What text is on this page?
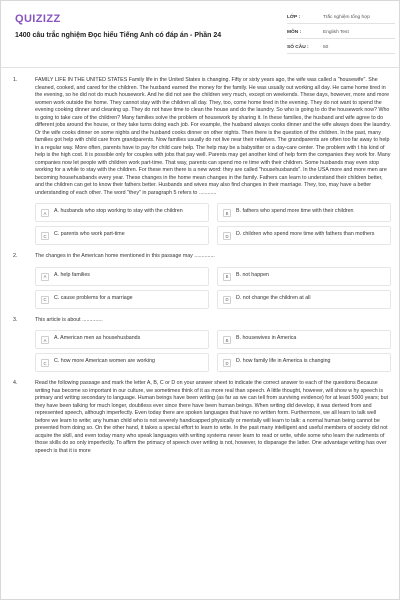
QUIZIZZ
1400 câu trắc nghiệm Đọc hiểu Tiếng Anh có đáp án - Phần 24
LỚP :	Trắc nghiệm tổng hợp
MÔN :	English Test
SỐ CÂU :	50
1.	FAMILY LIFE IN THE UNITED STATES Family life in the United States is changing. Fifty or sixty years ago, the wife was called a "housewife". She cleaned, cooked, and cared for the children. The husband earned the money for the family. He was usually out working all day. He came home tired in the evening, so he did not do much housework. And he did not see the children very much, except on weekends. These days, however, more and more women work outside the home. They cannot stay with the children all day. They, too, come home tired in the evening. They do not want to spend the evening cooking dinner and cleaning up. They do not have time to clean the house and do the laundry. So who is going to do the housework now? Who is going to take care of the children? Many families solve the problem of housework by sharing it. In these families, the husband and wife agree to do different jobs around the house, or they take turns doing each job. For example, the husband always cooks dinner and the wife always does the laundry. Or the wife cooks dinner on some nights and the husband cooks dinner on other nights. Then there is the question of the children. In the past, many families got help with child care from grandparents. Now families usually do not live near their relatives. The grandparents are often too far away to help in a regular way. More often, parents have to pay for child care help. The help may be a babysitter or a day-care center. The problem with t his kind of help is the high cost. It is possible only for couples with jobs that pay well. Parents may get another kind of help form the companies they work for. Many companies now let people with children work part-time. That way, parents can spend mo re time with their children. Some husbands may even stop working for a while to stay with the children. For these men there is a new word: they are called "househusbands". In the USA more and more men are becoming househusbands every year. These changes in the home mean changes in the family. Fathers can learn to understand their children better, and the children can get to know their fathers better. Husbands and wives may also find changes in their marriage. They, too, may have a better understanding of each other. The word "they" in paragraph 5 refers to ............
A	A. husbands who stop working to stay with the children	B	B. fathers who spend more time with their children
C	C. parents who work part-time	D	D. children who spend more time with fathers than mothers
2.	The changes in the American home mentioned in this passage may ..............
A	A. help families	B	B. not happen
C	C. cause problems for a marriage	D	D. not change the children at all
3.	This article is about ..............
A	A. American men as househusbands	B	B. housewives in America
C	C. how more American women are working	D	D. how family life in America is changing
4.	Read the following passage and mark the letter A, B, C or D on your answer sheet to indicate the correct answer to each of the questions Because writing has become so important in our culture, we sometimes think of it as more real than speech. A little thought, however, will show w hy speech is primary and writing secondary to language. Human beings have been writing (as far as we can tell from surviving evidence) for at least 5000 years; but they have been talking for much longer, doubtless ever since there have been human beings. When writing did develop, it was derived from and represented speech, although imperfectly. Even today there are spoken languages that have no written form. Furthermore, we all learn to talk well before we learn to write; any human child who is not severely handicapped physically or mentally will learn to talk: a normal human being cannot be prevented from doing so. On the other hand, it takes a special effort to learn to write. In the past many intelligent and useful members of society did not acquire the skill, and even today many who speak languages with writing systems never learn to read or write, while some who learn the rudiments of those skills do so only imperfectly. To affirm the primacy of speech over writing is not, however, to disparage the latter. One advantage writing has over speech is that it is more
